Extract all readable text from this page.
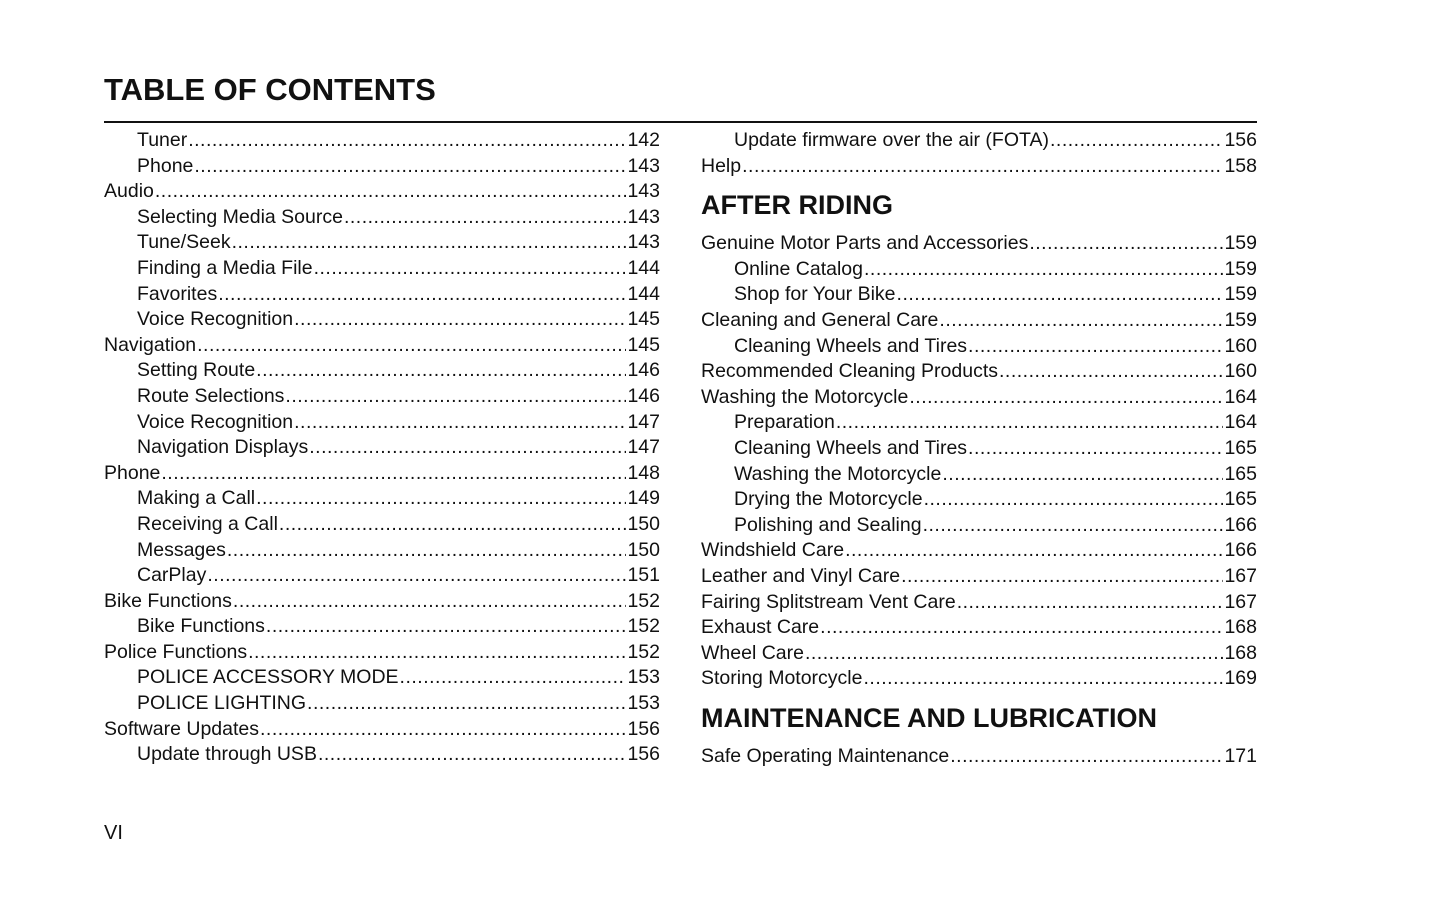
TABLE OF CONTENTS
Tuner .....	142
Phone .....	143
Audio .....	143
Selecting Media Source .....	143
Tune/Seek .....	143
Finding a Media File .....	144
Favorites .....	144
Voice Recognition .....	145
Navigation .....	145
Setting Route .....	146
Route Selections .....	146
Voice Recognition .....	147
Navigation Displays .....	147
Phone .....	148
Making a Call .....	149
Receiving a Call .....	150
Messages .....	150
CarPlay .....	151
Bike Functions .....	152
Bike Functions .....	152
Police Functions .....	152
POLICE ACCESSORY MODE .....	153
POLICE LIGHTING .....	153
Software Updates .....	156
Update through USB .....	156
Update firmware over the air (FOTA) .....	156
Help .....	158
AFTER RIDING
Genuine Motor Parts and Accessories .....	159
Online Catalog .....	159
Shop for Your Bike .....	159
Cleaning and General Care .....	159
Cleaning Wheels and Tires .....	160
Recommended Cleaning Products .....	160
Washing the Motorcycle .....	164
Preparation .....	164
Cleaning Wheels and Tires .....	165
Washing the Motorcycle .....	165
Drying the Motorcycle .....	165
Polishing and Sealing .....	166
Windshield Care .....	166
Leather and Vinyl Care .....	167
Fairing Splitstream Vent Care .....	167
Exhaust Care .....	168
Wheel Care .....	168
Storing Motorcycle .....	169
MAINTENANCE AND LUBRICATION
Safe Operating Maintenance .....	171
VI
